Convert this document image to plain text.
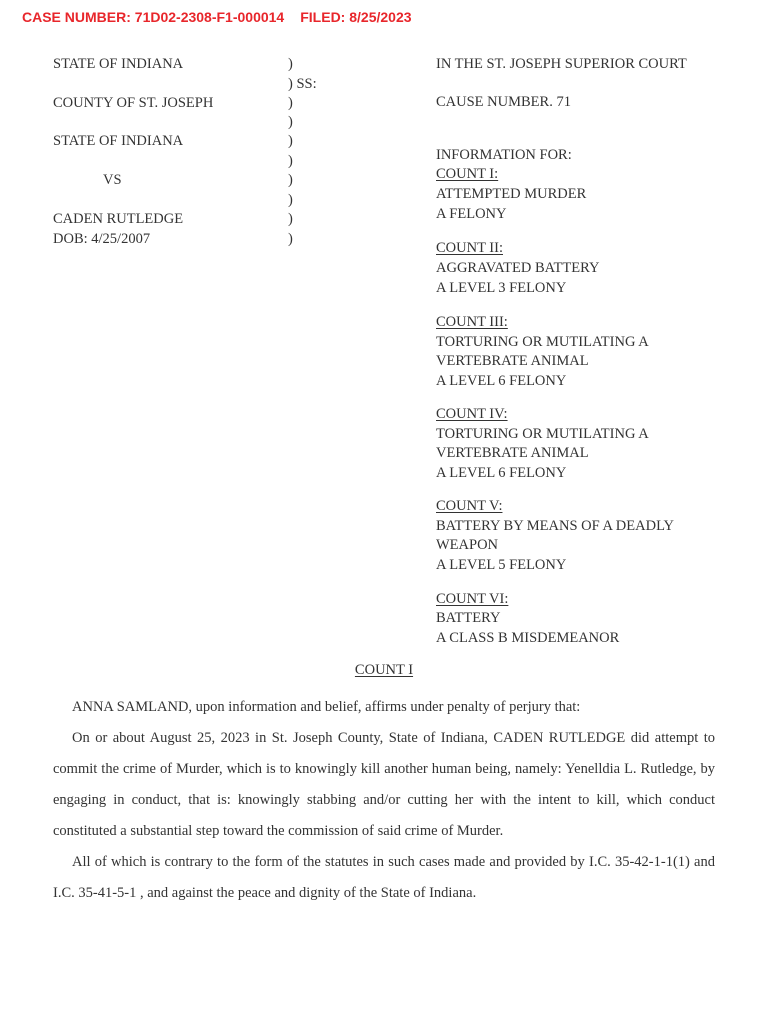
CASE NUMBER: 71D02-2308-F1-000014 FILED: 8/25/2023
STATE OF INDIANA
COUNTY OF ST. JOSEPH
STATE OF INDIANA
VS
CADEN RUTLEDGE
DOB: 4/25/2007
)
) SS:
)
)
)
)
)
)
)
)
IN THE ST. JOSEPH SUPERIOR COURT
CAUSE NUMBER. 71
INFORMATION FOR:
COUNT I:
ATTEMPTED MURDER
A FELONY
COUNT II:
AGGRAVATED BATTERY
A LEVEL 3 FELONY
COUNT III:
TORTURING OR MUTILATING A
VERTEBRATE ANIMAL
A LEVEL 6 FELONY
COUNT IV:
TORTURING OR MUTILATING A
VERTEBRATE ANIMAL
A LEVEL 6 FELONY
COUNT V:
BATTERY BY MEANS OF A DEADLY
WEAPON
A LEVEL 5 FELONY
COUNT VI:
BATTERY
A CLASS B MISDEMEANOR
COUNT I

ANNA SAMLAND, upon information and belief, affirms under penalty of perjury that:

On or about August 25, 2023 in St. Joseph County, State of Indiana, CADEN RUTLEDGE did attempt to commit the crime of Murder, which is to knowingly kill another human being, namely: Yenelldia L. Rutledge, by engaging in conduct, that is: knowingly stabbing and/or cutting her with the intent to kill, which conduct constituted a substantial step toward the commission of said crime of Murder.

All of which is contrary to the form of the statutes in such cases made and provided by I.C. 35-42-1-1(1) and I.C. 35-41-5-1 , and against the peace and dignity of the State of Indiana.
